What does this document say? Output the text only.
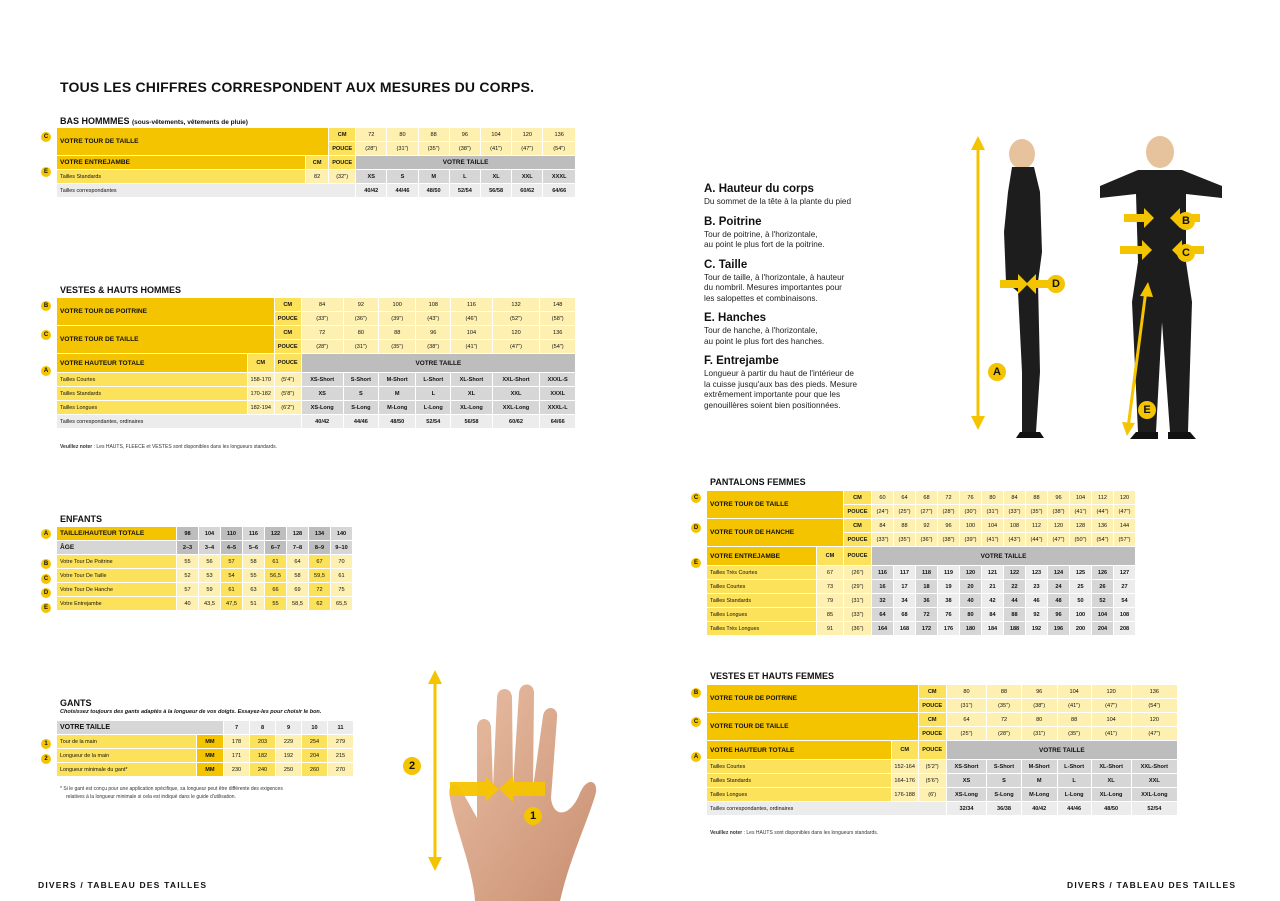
TOUS LES CHIFFRES CORRESPONDENT AUX MESURES DU CORPS.
BAS HOMMMES (sous-vêtements, vêtements de pluie)
C
E
VOTRE TOUR DE TAILLE		CM	72	80	88	96	104	120	136
		POUCE	(28")	(31")	(35")	(38")	(41")	(47")	(54")
VOTRE ENTREJAMBE	CM	POUCE	VOTRE TAILLE						
Tailles Standards	82	(32")	XS	S	M	L	XL	XXL	XXXL
Tailles correspondantes			40/42	44/46	48/50	52/54	56/58	60/62	64/66
VESTES & HAUTS HOMMES
B
C
A
VOTRE TOUR DE POITRINE		CM	84	92	100	108	116	132	148
		POUCE	(33")	(36")	(39")	(43")	(46")	(52")	(58")
VOTRE TOUR DE TAILLE		CM	72	80	88	96	104	120	136
		POUCE	(28")	(31")	(35")	(38")	(41")	(47")	(54")
VOTRE HAUTEUR TOTALE	CM	POUCE	VOTRE TAILLE						
Tailles Courtes	158-170	(5'4")	XS-Short	S-Short	M-Short	L-Short	XL-Short	XXL-Short	XXXL-S
Tailles Standards	170-182	(5'8")	XS	S	M	L	XL	XXL	XXXL
Tailles Longues	182-194	(6'2")	XS-Long	S-Long	M-Long	L-Long	XL-Long	XXL-Long	XXXL-L
Tailles correspondantes, ordinaires			40/42	44/46	48/50	52/54	56/58	60/62	64/66
Veuillez noter : Les HAUTS, FLEECE et VESTES sont disponibles dans les longueurs standards.
ENFANTS
A
B
C
D
E
TAILLE/HAUTEUR TOTALE	98	104	110	116	122	128	134	140
ÂGE	2–3	3–4	4–5	5–6	6–7	7–8	8–9	9–10
Votre Tour De Poitrine	55	56	57	58	61	64	67	70
Votre Tour De Taille	52	53	54	55	56,5	58	59,5	61
Votre Tour De Hanche	57	59	61	63	66	69	72	75
Votre Entrejambe	40	43,5	47,5	51	55	58,5	62	65,5
GANTS
Choisissez toujours des gants adaptés à la longueur de vos doigts. Essayez-les pour choisir le bon.
1
2
VOTRE TAILLE		7	8	9	10	11
Tour de la main	MM	178	203	229	254	279
Longueur de la main	MM	171	182	192	204	215
Longueur minimale du gant*	MM	230	240	250	260	270
* Si le gant est conçu pour une application spécifique, sa longueur peut être différente des exigences
relatives à la longueur minimale si cela est indiqué dans le guide d'utilisation.
2
1
DIVERS / TABLEAU DES TAILLES	DIVERS / TABLEAU DES TAILLES
A. Hauteur du corps

Du sommet de la tête à la plante du pied

B. Poitrine

Tour de poitrine, à l'horizontale,
au point le plus fort de la poitrine.

C. Taille

Tour de taille, à l'horizontale, à hauteur
du nombril. Mesures importantes pour
les salopettes et combinaisons.

E. Hanches

Tour de hanche, à l'horizontale,
au point le plus fort des hanches.

F. Entrejambe

Longueur à partir du haut de l'intérieur de
la cuisse jusqu'aux bas des pieds. Mesure
extrêmement importante pour que les
genouillères soient bien positionnées.

A
B
C
D
E
PANTALONS FEMMES
C
D
E
VOTRE TOUR DE TAILLE		CM	60	64	68	72	76	80	84	88	96	104	112	120
		POUCE	(24")	(25")	(27")	(28")	(30")	(31")	(33")	(35")	(38")	(41")	(44")	(47")
VOTRE TOUR DE HANCHE		CM	84	88	92	96	100	104	108	112	120	128	136	144
		POUCE	(33")	(35")	(36")	(38")	(39")	(41")	(43")	(44")	(47")	(50")	(54")	(57")
VOTRE ENTREJAMBE	CM	POUCE	VOTRE TAILLE											
Tailles Très Courtes	67	(26")	116	117	118	119	120	121	122	123	124	125	126	127
Tailles Courtes	73	(29")	16	17	18	19	20	21	22	23	24	25	26	27
Tailles Standards	79	(31")	32	34	36	38	40	42	44	46	48	50	52	54
Tailles Longues	85	(33")	64	68	72	76	80	84	88	92	96	100	104	108
Tailles Très Longues	91	(36")	164	168	172	176	180	184	188	192	196	200	204	208
VESTES ET HAUTS FEMMES
B
C
A
VOTRE TOUR DE POITRINE		CM	80	88	96	104	120	136
		POUCE	(31")	(35")	(38")	(41")	(47")	(54")
VOTRE TOUR DE TAILLE		CM	64	72	80	88	104	120
		POUCE	(25")	(28")	(31")	(35")	(41")	(47")
VOTRE HAUTEUR TOTALE	CM	POUCE	VOTRE TAILLE					
Tailles Courtes	152-164	(5'2")	XS-Short	S-Short	M-Short	L-Short	XL-Short	XXL-Short
Tailles Standards	164-176	(5'6")	XS	S	M	L	XL	XXL
Tailles Longues	176-188	(6')	XS-Long	S-Long	M-Long	L-Long	XL-Long	XXL-Long
Tailles correspondantes, ordinaires			32/34	36/38	40/42	44/46	48/50	52/54
Veuillez noter : Les HAUTS sont disponibles dans les longueurs standards.
